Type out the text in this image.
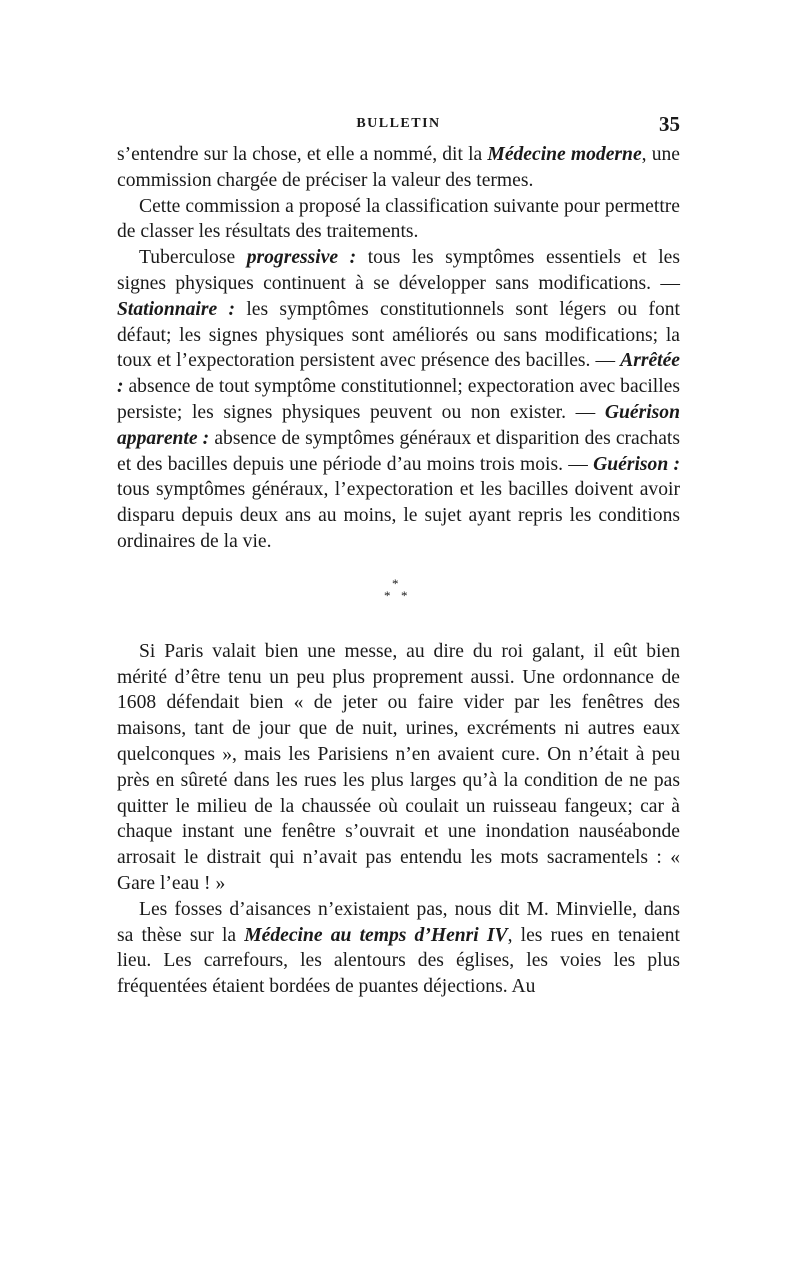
BULLETIN	35

s’entendre sur la chose, et elle a nommé, dit la Médecine moderne, une commission chargée de préciser la valeur des termes.

Cette commission a proposé la classification suivante pour permettre de classer les résultats des traitements.

Tuberculose progressive : tous les symptômes essentiels et les signes physiques continuent à se développer sans modifications. — Stationnaire : les symptômes constitutionnels sont légers ou font défaut; les signes physiques sont améliorés ou sans modifications; la toux et l’expectoration persistent avec présence des bacilles. — Arrêtée : absence de tout symptôme constitutionnel; expectoration avec bacilles persiste; les signes physiques peuvent ou non exister. — Guérison apparente : absence de symptômes généraux et disparition des crachats et des bacilles depuis une période d’au moins trois mois. — Guérison : tous symptômes généraux, l’expectoration et les bacilles doivent avoir disparu depuis deux ans au moins, le sujet ayant repris les conditions ordinaires de la vie.

*
* *

Si Paris valait bien une messe, au dire du roi galant, il eût bien mérité d’être tenu un peu plus proprement aussi. Une ordonnance de 1608 défendait bien « de jeter ou faire vider par les fenêtres des maisons, tant de jour que de nuit, urines, excréments ni autres eaux quelconques », mais les Parisiens n’en avaient cure. On n’était à peu près en sûreté dans les rues les plus larges qu’à la condition de ne pas quitter le milieu de la chaussée où coulait un ruisseau fangeux; car à chaque instant une fenêtre s’ouvrait et une inondation nauséabonde arrosait le distrait qui n’avait pas entendu les mots sacramentels : « Gare l’eau ! »

Les fosses d’aisances n’existaient pas, nous dit M. Minvielle, dans sa thèse sur la Médecine au temps d’Henri IV, les rues en tenaient lieu. Les carrefours, les alentours des églises, les voies les plus fréquentées étaient bordées de puantes déjections. Au
